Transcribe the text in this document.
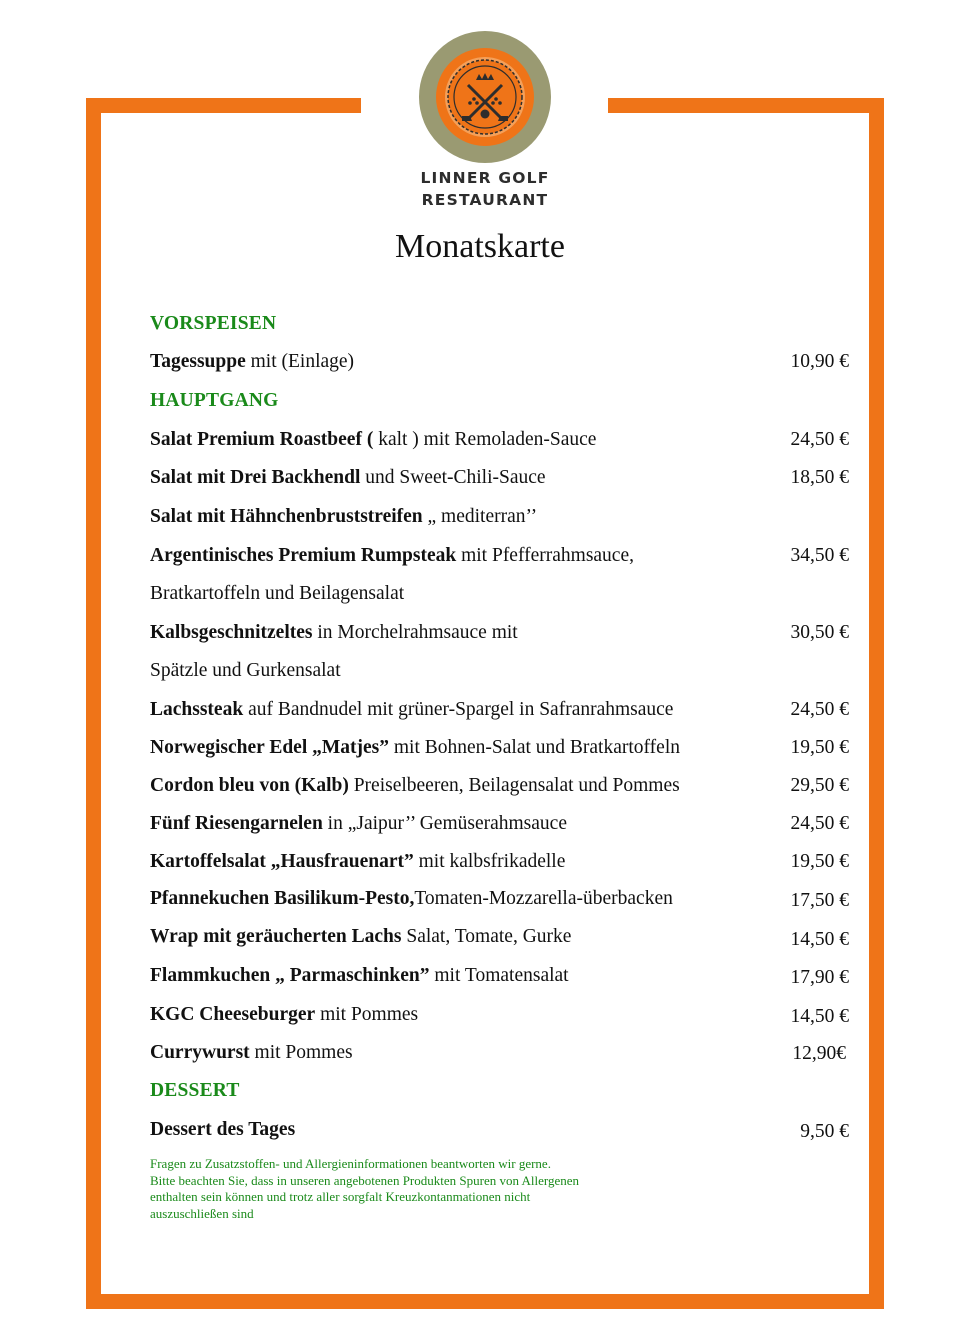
LINNER GOLF
RESTAURANT
Monatskarte
VORSPEISEN
HAUPTGANG
DESSERT
Tagessuppe mit (Einlage)	10,90 €
Salat Premium Roastbeef ( kalt ) mit Remoladen-Sauce	24,50 €
Salat mit Drei Backhendl und Sweet-Chili-Sauce	18,50 €
Salat mit Hähnchenbruststreifen „ mediterran’’
Argentinisches Premium Rumpsteak mit Pfefferrahmsauce,	34,50 €
Bratkartoffeln und Beilagensalat
Kalbsgeschnitzeltes in Morchelrahmsauce mit	30,50 €
Spätzle und Gurkensalat
Lachssteak auf Bandnudel mit grüner-Spargel in Safranrahmsauce	24,50 €
Norwegischer Edel „Matjes” mit Bohnen-Salat und Bratkartoffeln	19,50 €
Cordon bleu von (Kalb) Preiselbeeren, Beilagensalat und Pommes	29,50 €
Fünf Riesengarnelen in „Jaipur’’ Gemüserahmsauce	24,50 €
Kartoffelsalat „Hausfrauenart” mit kalbsfrikadelle	19,50 €
Pfannekuchen Basilikum-Pesto,Tomaten-Mozzarella-überbacken	17,50 €
Wrap mit geräucherten Lachs Salat, Tomate, Gurke	14,50 €
Flammkuchen „ Parmaschinken” mit Tomatensalat	17,90 €
KGC Cheeseburger mit Pommes	14,50 €
Currywurst mit Pommes	12,90€
Dessert des Tages	9,50 €
Fragen zu Zusatzstoffen- und Allergieninformationen beantworten wir gerne.
Bitte beachten Sie, dass in unseren angebotenen Produkten Spuren von Allergenen
enthalten sein können und trotz aller sorgfalt Kreuzkontanmationen nicht
auszuschließen sind
